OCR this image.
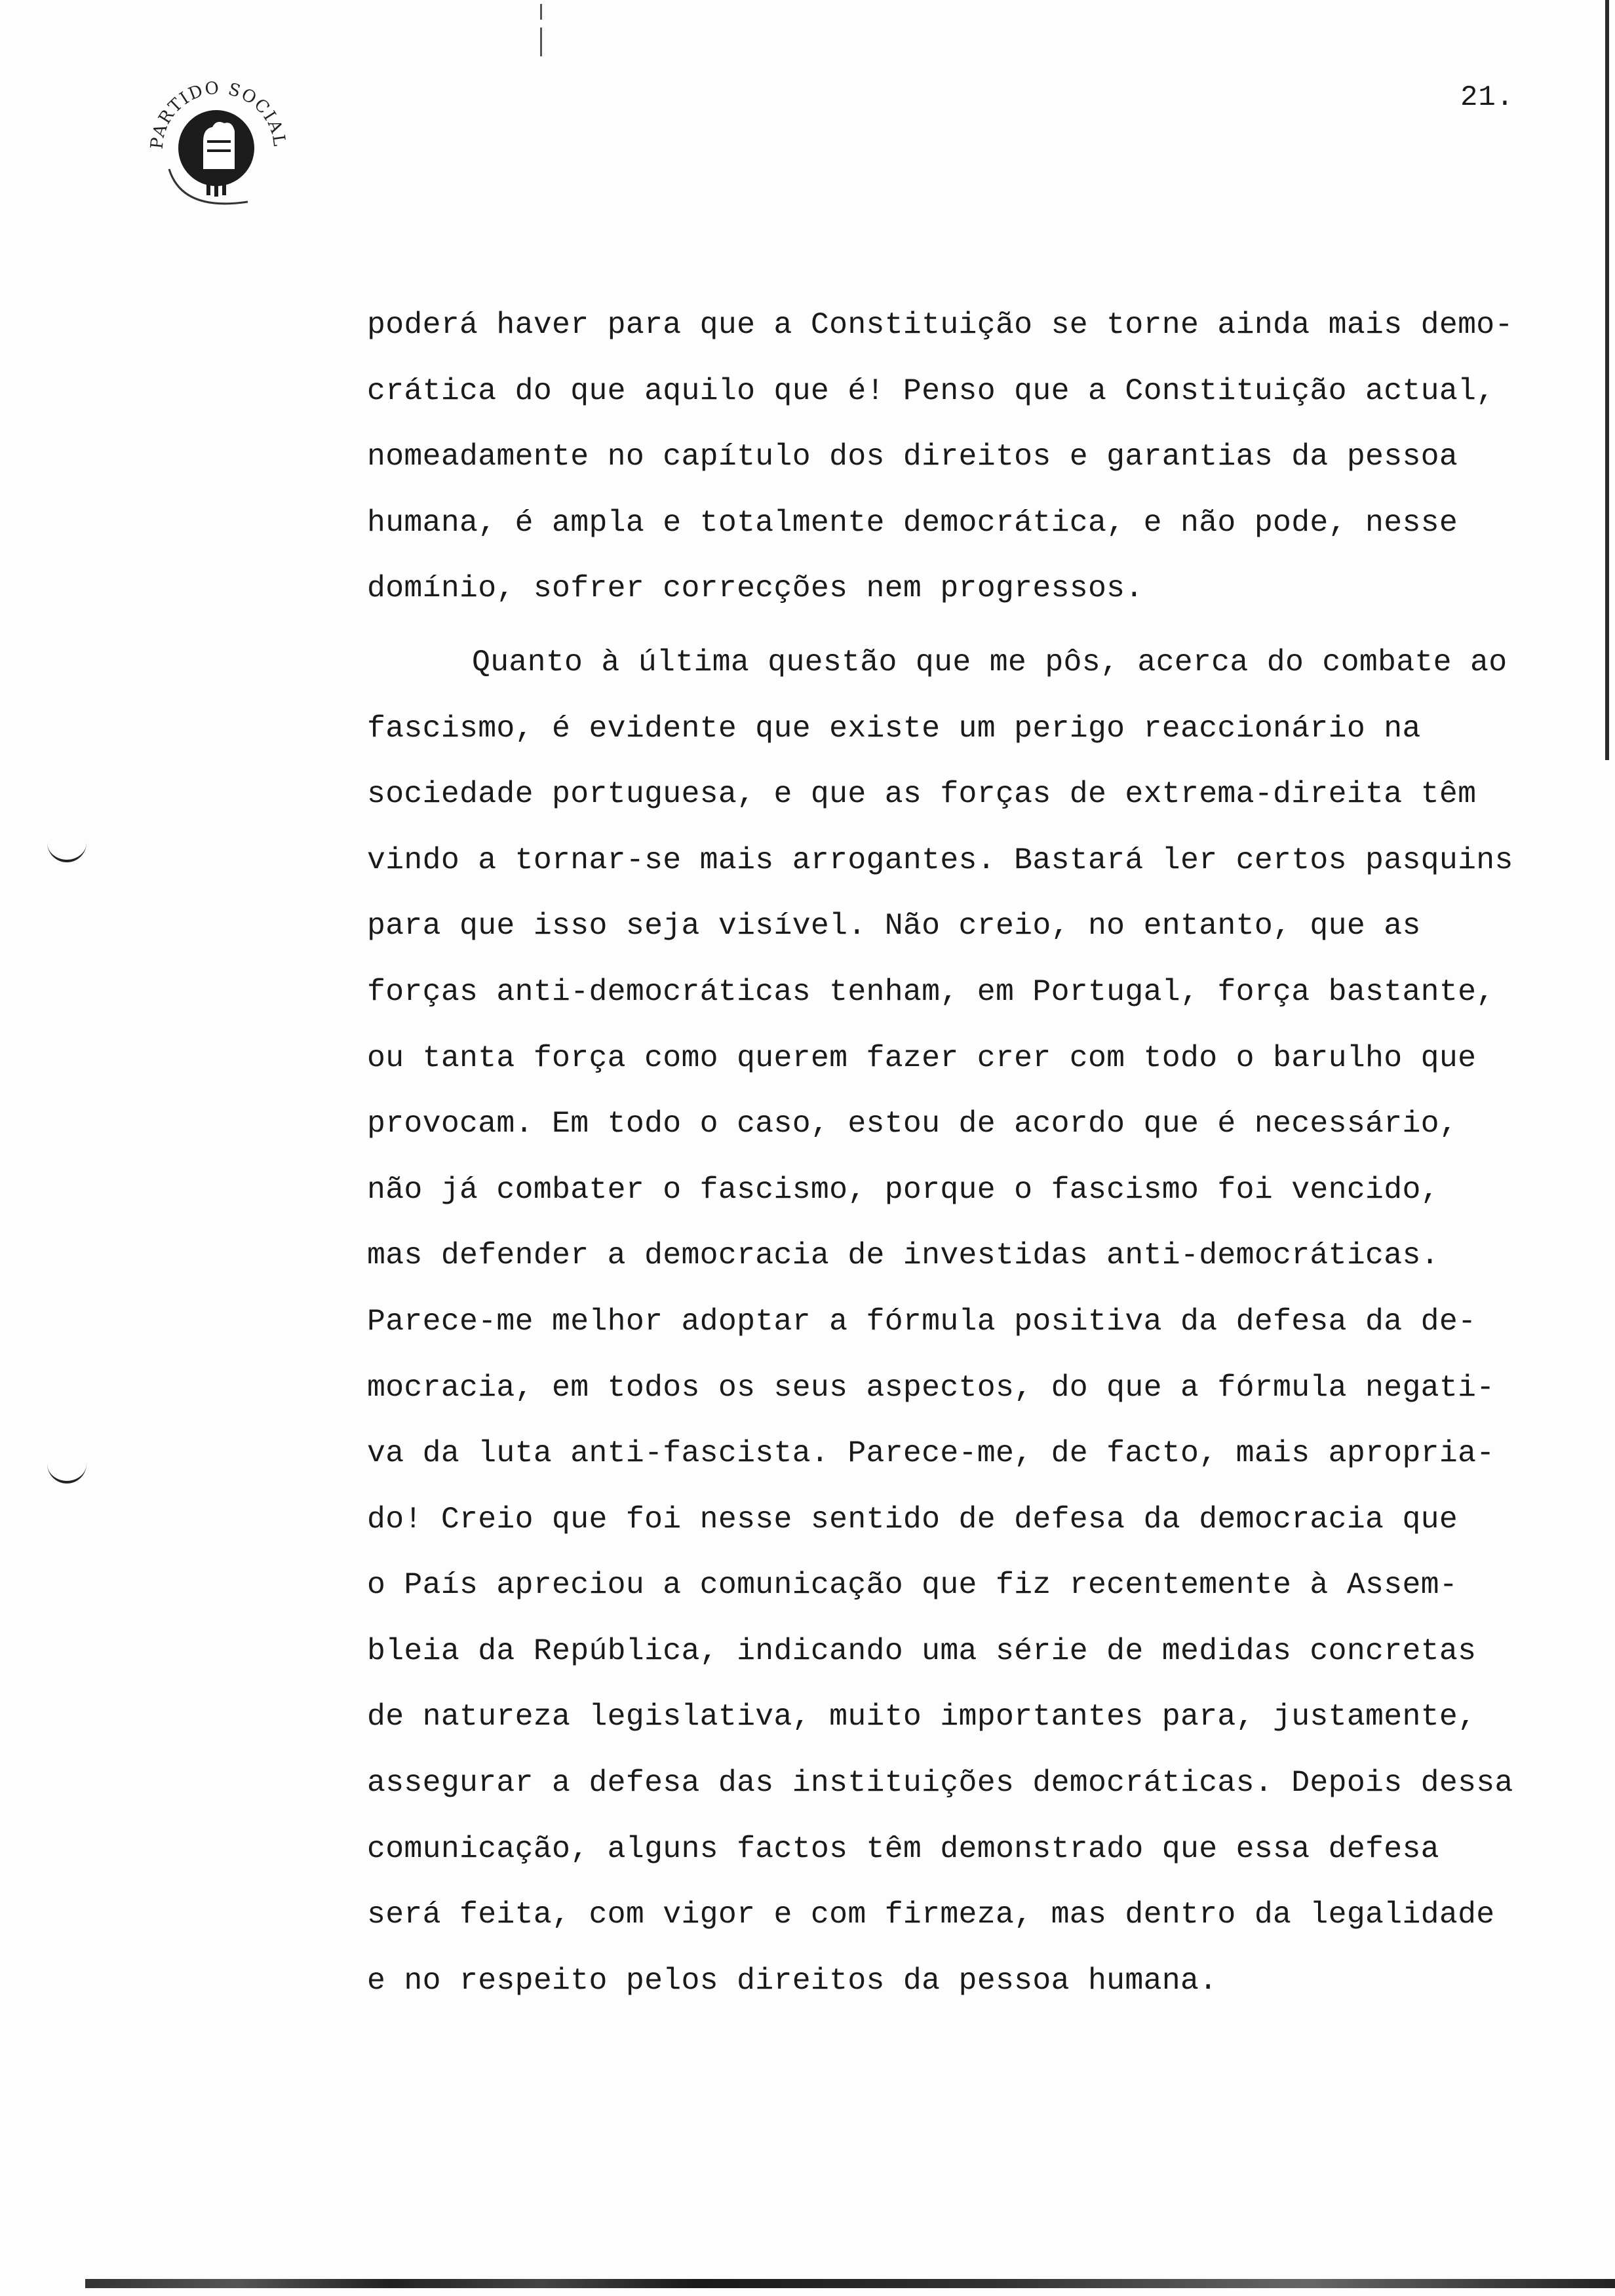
PARTIDO SOCIAL
21.
poderá haver para que a Constituição se torne ainda mais demo-
crática do que aquilo que é! Penso que a Constituição actual,
nomeadamente no capítulo dos direitos e garantias da pessoa
humana, é ampla e totalmente democrática, e não pode, nesse
domínio, sofrer correcções nem progressos.
Quanto à última questão que me pôs, acerca do combate ao
fascismo, é evidente que existe um perigo reaccionário na
sociedade portuguesa, e que as forças de extrema-direita têm
vindo a tornar-se mais arrogantes. Bastará ler certos pasquins
para que isso seja visível. Não creio, no entanto, que as
forças anti-democráticas tenham, em Portugal, força bastante,
ou tanta força como querem fazer crer com todo o barulho que
provocam. Em todo o caso, estou de acordo que é necessário,
não já combater o fascismo, porque o fascismo foi vencido,
mas defender a democracia de investidas anti-democráticas.
Parece-me melhor adoptar a fórmula positiva da defesa da de-
mocracia, em todos os seus aspectos, do que a fórmula negati-
va da luta anti-fascista. Parece-me, de facto, mais apropria-
do! Creio que foi nesse sentido de defesa da democracia que
o País apreciou a comunicação que fiz recentemente à Assem-
bleia da República, indicando uma série de medidas concretas
de natureza legislativa, muito importantes para, justamente,
assegurar a defesa das instituições democráticas. Depois dessa
comunicação, alguns factos têm demonstrado que essa defesa
será feita, com vigor e com firmeza, mas dentro da legalidade
e no respeito pelos direitos da pessoa humana.
